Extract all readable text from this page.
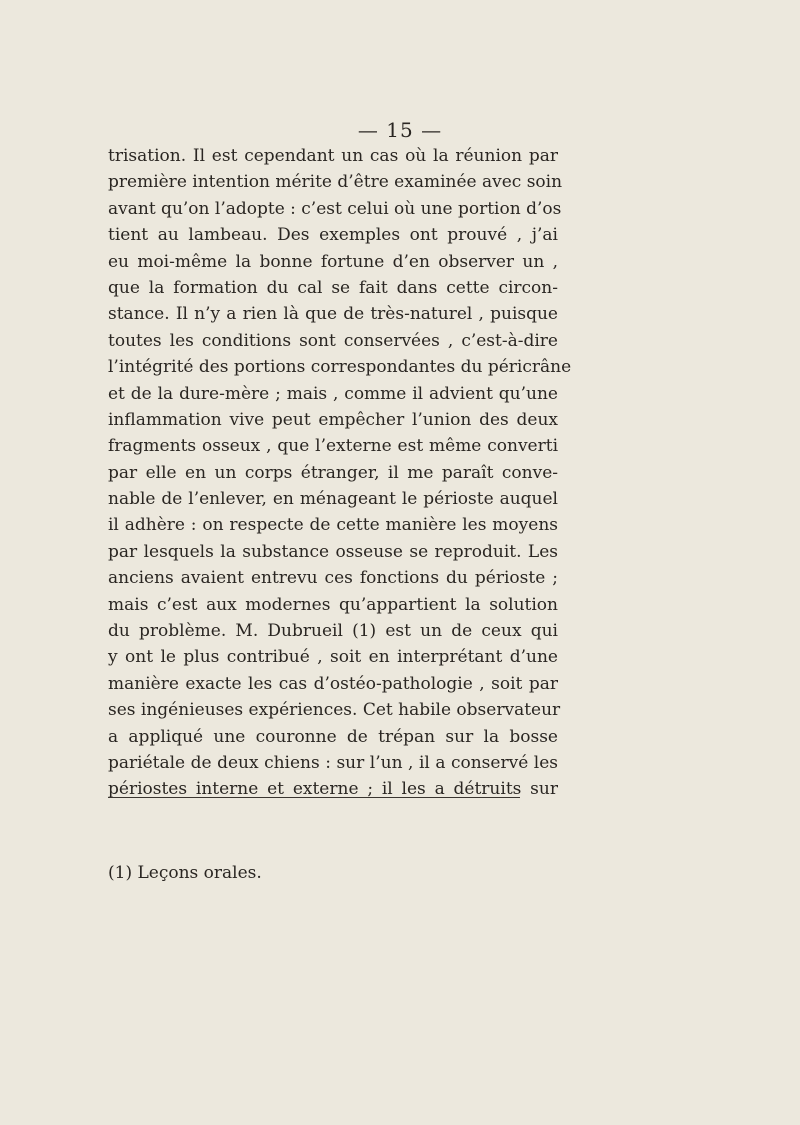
— 15 —
trisation. Il est cependant un cas où la réunion par
première intention mérite d’être examinée avec soin
avant qu’on l’adopte : c’est celui où une portion d’os
tient au lambeau. Des exemples ont prouvé , j’ai
eu moi-même la bonne fortune d’en observer un ,
que la formation du cal se fait dans cette circon-
stance. Il n’y a rien là que de très-naturel , puisque
toutes les conditions sont conservées , c’est-à-dire
l’intégrité des portions correspondantes du péricrâne
et de la dure-mère ; mais , comme il advient qu’une
inflammation vive peut empêcher l’union des deux
fragments osseux , que l’externe est même converti
par elle en un corps étranger, il me paraît conve-
nable de l’enlever, en ménageant le périoste auquel
il adhère : on respecte de cette manière les moyens
par lesquels la substance osseuse se reproduit. Les
anciens avaient entrevu ces fonctions du périoste ;
mais c’est aux modernes qu’appartient la solution
du problème. M. Dubrueil (1) est un de ceux qui
y ont le plus contribué , soit en interprétant d’une
manière exacte les cas d’ostéo-pathologie , soit par
ses ingénieuses expériences. Cet habile observateur
a appliqué une couronne de trépan sur la bosse
pariétale de deux chiens : sur l’un , il a conservé les
périostes interne et externe ; il les a détruits sur
(1) Leçons orales.
